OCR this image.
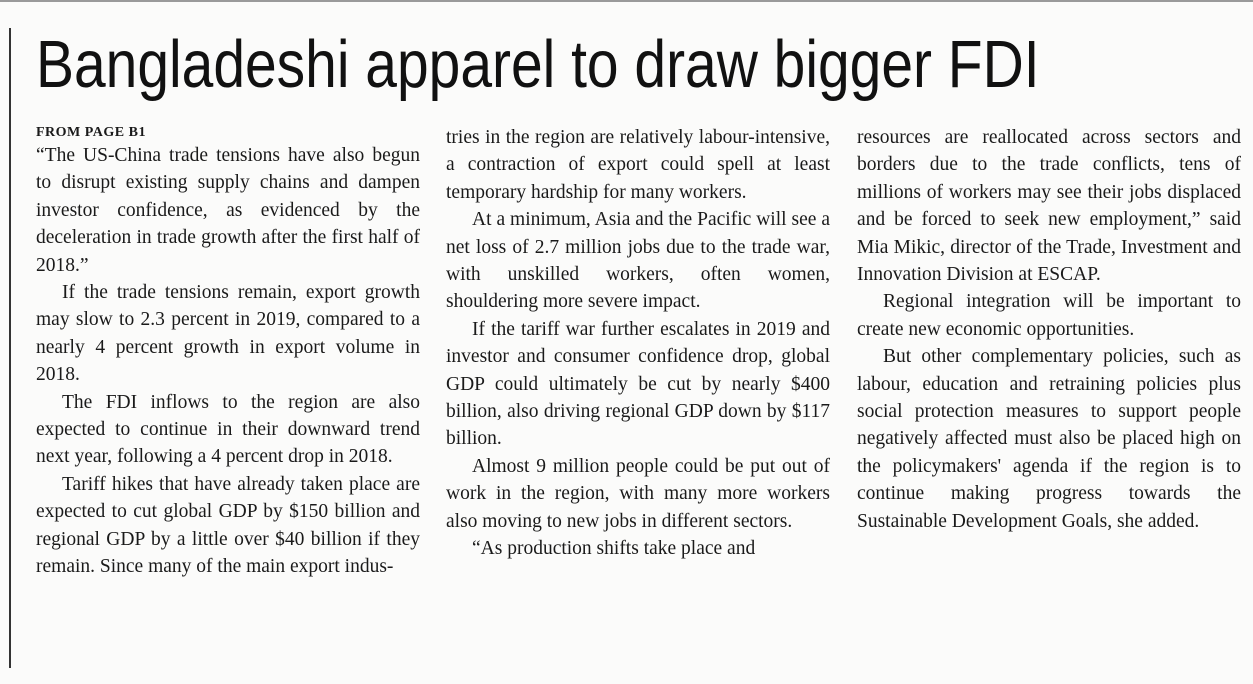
Bangladeshi apparel to draw bigger FDI
FROM PAGE B1

“The US-China trade tensions have also begun to disrupt existing supply chains and dampen investor confidence, as evidenced by the deceleration in trade growth after the first half of 2018.”

If the trade tensions remain, export growth may slow to 2.3 percent in 2019, compared to a nearly 4 percent growth in export volume in 2018.

The FDI inflows to the region are also expected to continue in their downward trend next year, following a 4 percent drop in 2018.

Tariff hikes that have already taken place are expected to cut global GDP by $150 billion and regional GDP by a little over $40 billion if they remain. Since many of the main export indus-

tries in the region are relatively labour-intensive, a contraction of export could spell at least temporary hardship for many workers.

At a minimum, Asia and the Pacific will see a net loss of 2.7 million jobs due to the trade war, with unskilled workers, often women, shouldering more severe impact.

If the tariff war further escalates in 2019 and investor and consumer confidence drop, global GDP could ultimately be cut by nearly $400 billion, also driving regional GDP down by $117 billion.

Almost 9 million people could be put out of work in the region, with many more workers also moving to new jobs in different sectors.

“As production shifts take place and

resources are reallocated across sectors and borders due to the trade conflicts, tens of millions of workers may see their jobs displaced and be forced to seek new employment,” said Mia Mikic, director of the Trade, Investment and Innovation Division at ESCAP.

Regional integration will be important to create new economic opportunities.

But other complementary policies, such as labour, education and retraining policies plus social protection measures to support people negatively affected must also be placed high on the policymakers' agenda if the region is to continue making progress towards the Sustainable Development Goals, she added.
